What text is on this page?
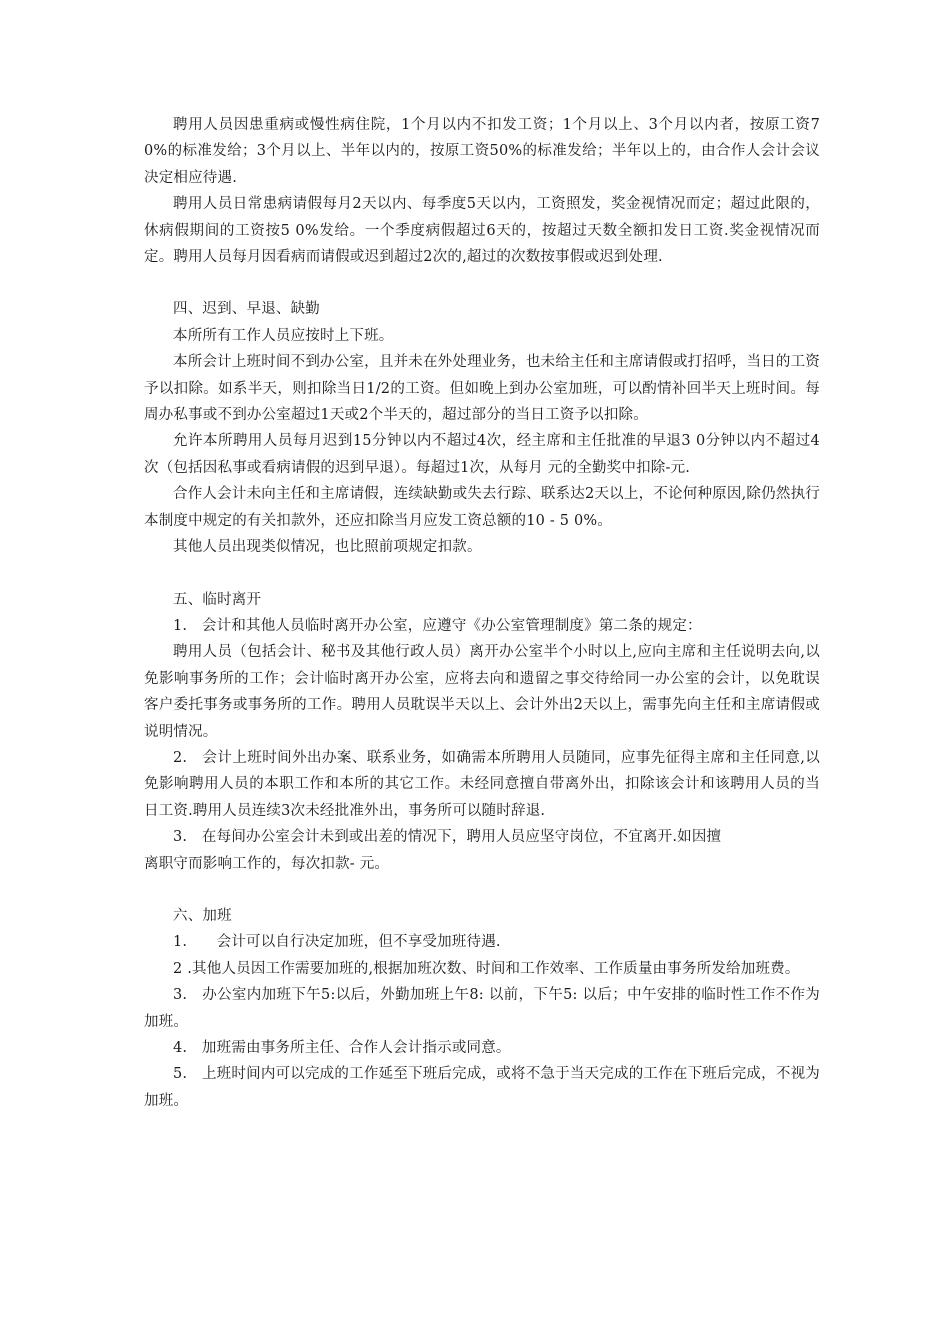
聘用人员因患重病或慢性病住院，1个月以内不扣发工资；1个月以上、3个月以内者，按原工资7 0%的标准发给；3个月以上、半年以内的，按原工资50%的标准发给；半年以上的，由合作人会计会议决定相应待遇.

聘用人员日常患病请假每月2天以内、每季度5天以内，工资照发，奖金视情况而定；超过此限的，休病假期间的工资按5 0%发给。一个季度病假超过6天的，按超过天数全额扣发日工资.奖金视情况而定。聘用人员每月因看病而请假或迟到超过2次的,超过的次数按事假或迟到处理.

四、迟到、早退、缺勤

本所所有工作人员应按时上下班。

本所会计上班时间不到办公室，且并未在外处理业务，也未给主任和主席请假或打招呼，当日的工资予以扣除。如系半天，则扣除当日1/2的工资。但如晚上到办公室加班，可以酌情补回半天上班时间。每周办私事或不到办公室超过1天或2个半天的，超过部分的当日工资予以扣除。

允许本所聘用人员每月迟到15分钟以内不超过4次，经主席和主任批准的早退3 0分钟以内不超过4次（包括因私事或看病请假的迟到早退）。每超过1次，从每月 元的全勤奖中扣除-元.

合作人会计未向主任和主席请假，连续缺勤或失去行踪、联系达2天以上，不论何种原因,除仍然执行本制度中规定的有关扣款外，还应扣除当月应发工资总额的10 - 5 0%。

其他人员出现类似情况，也比照前项规定扣款。

五、临时离开

1.　会计和其他人员临时离开办公室，应遵守《办公室管理制度》第二条的规定：

聘用人员（包括会计、秘书及其他行政人员）离开办公室半个小时以上,应向主席和主任说明去向,以免影响事务所的工作；会计临时离开办公室，应将去向和遗留之事交待给同一办公室的会计，以免耽误客户委托事务或事务所的工作。聘用人员耽误半天以上、会计外出2天以上，需事先向主任和主席请假或说明情况。

2.　会计上班时间外出办案、联系业务，如确需本所聘用人员随同，应事先征得主席和主任同意,以免影响聘用人员的本职工作和本所的其它工作。未经同意擅自带离外出，扣除该会计和该聘用人员的当日工资.聘用人员连续3次未经批准外出，事务所可以随时辞退.

3.　在每间办公室会计未到或出差的情况下，聘用人员应坚守岗位，不宜离开.如因擅

离职守而影响工作的，每次扣款- 元。

六、加班

1.　　会计可以自行决定加班，但不享受加班待遇.

2 .其他人员因工作需要加班的,根据加班次数、时间和工作效率、工作质量由事务所发给加班费。

3.　办公室内加班下午5:以后，外勤加班上午8: 以前，下午5: 以后；中午安排的临时性工作不作为加班。

4.　加班需由事务所主任、合作人会计指示或同意。

5.　上班时间内可以完成的工作延至下班后完成，或将不急于当天完成的工作在下班后完成，不视为加班。
